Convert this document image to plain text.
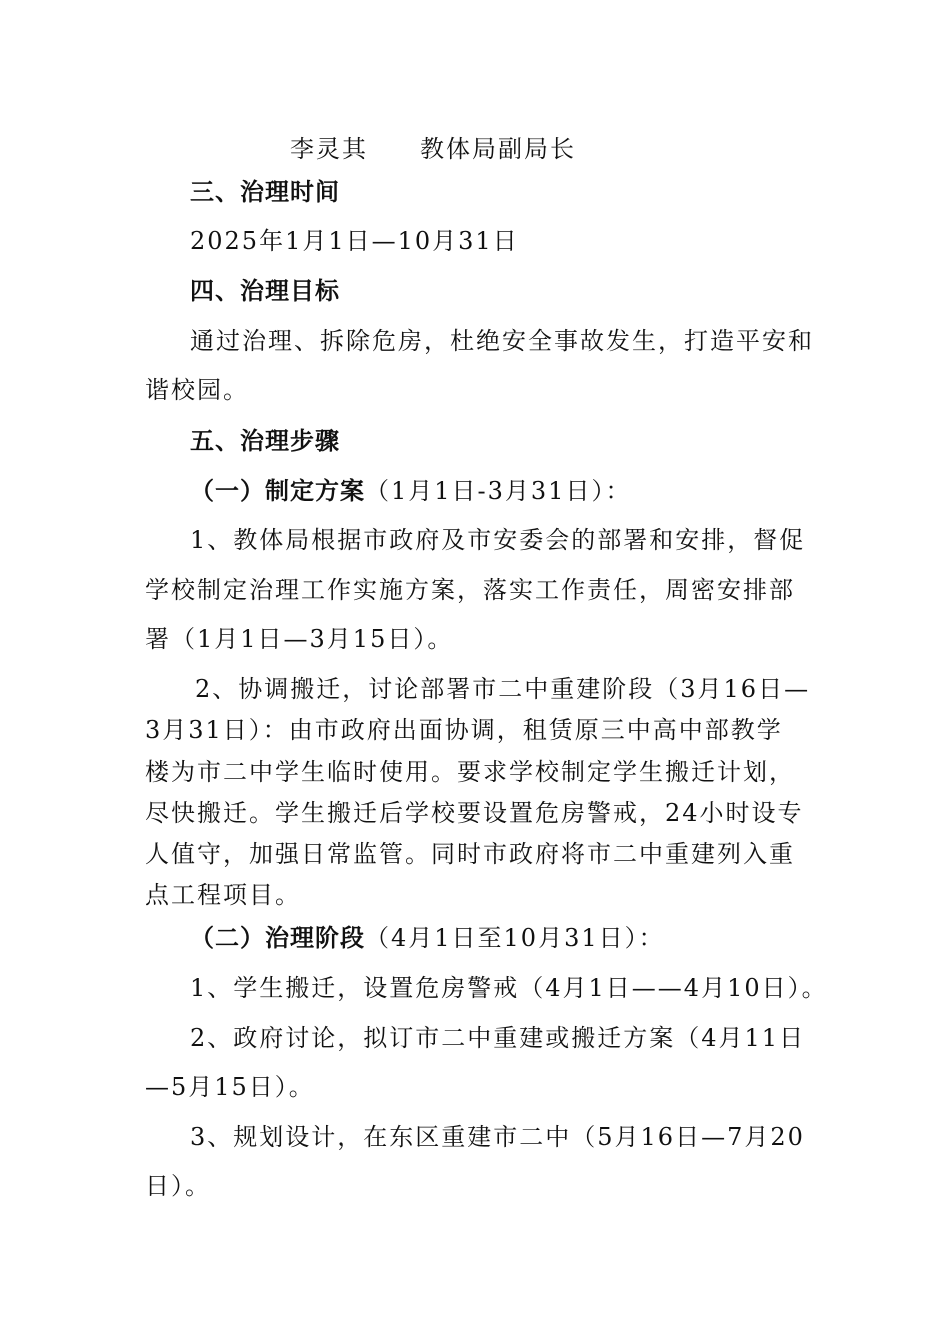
李灵其 教体局副局长
三、治理时间
2025年1月1日—10月31日
四、治理目标
通过治理、拆除危房，杜绝安全事故发生，打造平安和
谐校园。
五、治理步骤
（一）制定方案（1月1日-3月31日）：
1、教体局根据市政府及市安委会的部署和安排，督促
学校制定治理工作实施方案，落实工作责任，周密安排部
署（1月1日—3月15日）。
2、协调搬迁，讨论部署市二中重建阶段（3月16日—
3月31日）：由市政府出面协调，租赁原三中高中部教学
楼为市二中学生临时使用。要求学校制定学生搬迁计划，
尽快搬迁。学生搬迁后学校要设置危房警戒，24小时设专
人值守，加强日常监管。同时市政府将市二中重建列入重
点工程项目。
（二）治理阶段（4月1日至10月31日）：
1、学生搬迁，设置危房警戒（4月1日——4月10日）。
2、政府讨论，拟订市二中重建或搬迁方案（4月11日
—5月15日）。
3、规划设计，在东区重建市二中（5月16日—7月20
日）。
